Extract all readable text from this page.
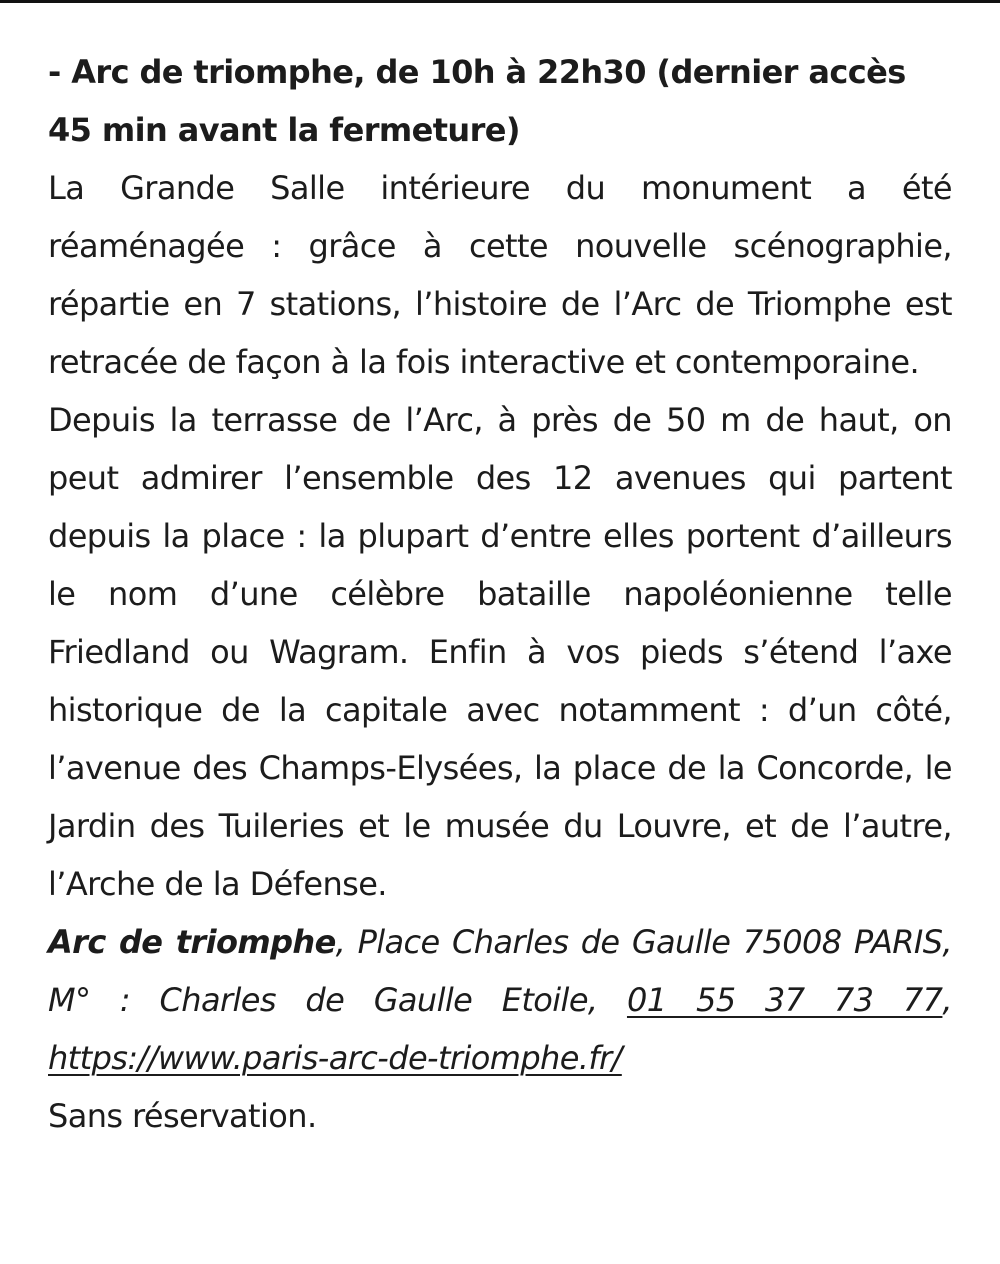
- Arc de triomphe, de 10h à 22h30 (dernier accès
45 min avant la fermeture)

La Grande Salle intérieure du monument a été réaménagée : grâce à cette nouvelle scénographie, répartie en 7 stations, l’histoire de l’Arc de Triomphe est retracée de façon à la fois interactive et contemporaine.

Depuis la terrasse de l’Arc, à près de 50 m de haut, on peut admirer l’ensemble des 12 avenues qui partent depuis la place : la plupart d’entre elles portent d’ailleurs le nom d’une célèbre bataille napoléonienne telle Friedland ou Wagram. Enfin à vos pieds s’étend l’axe historique de la capitale avec notamment : d’un côté, l’avenue des Champs-Elysées, la place de la Concorde, le Jardin des Tuileries et le musée du Louvre, et de l’autre, l’Arche de la Défense.

Arc de triomphe, Place Charles de Gaulle 75008 PARIS, M° : Charles de Gaulle Etoile, 01 55 37 73 77, https://www.paris-arc-de-triomphe.fr/

Sans réservation.
